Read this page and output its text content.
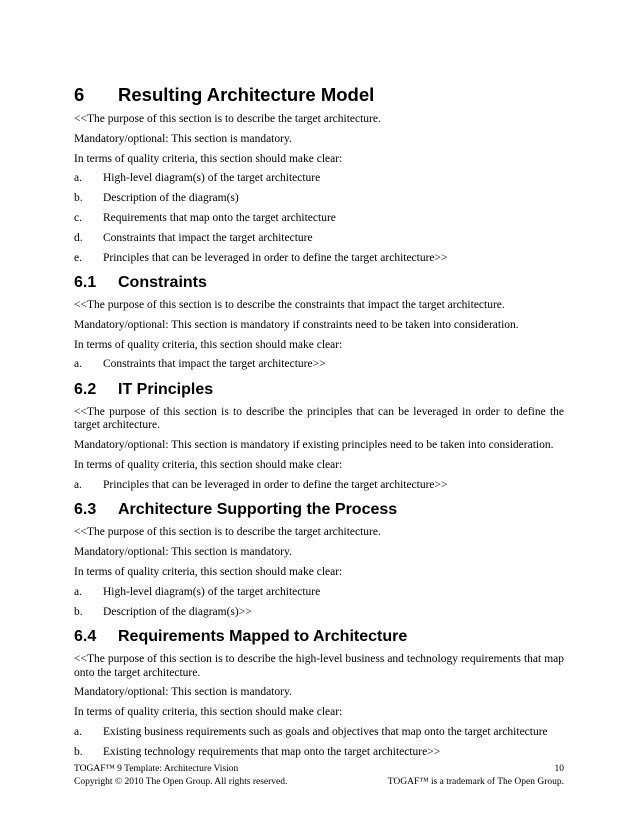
6	Resulting Architecture Model

<<The purpose of this section is to describe the target architecture.

Mandatory/optional: This section is mandatory.

In terms of quality criteria, this section should make clear:

a.	High-level diagram(s) of the target architecture
b.	Description of the diagram(s)
c.	Requirements that map onto the target architecture
d.	Constraints that impact the target architecture
e.	Principles that can be leveraged in order to define the target architecture>>
6.1	Constraints

<<The purpose of this section is to describe the constraints that impact the target architecture.

Mandatory/optional: This section is mandatory if constraints need to be taken into consideration.

In terms of quality criteria, this section should make clear:

a.	Constraints that impact the target architecture>>
6.2	IT Principles

<<The purpose of this section is to describe the principles that can be leveraged in order to define the target architecture.

Mandatory/optional: This section is mandatory if existing principles need to be taken into consideration.

In terms of quality criteria, this section should make clear:

a.	Principles that can be leveraged in order to define the target architecture>>
6.3	Architecture Supporting the Process

<<The purpose of this section is to describe the target architecture.

Mandatory/optional: This section is mandatory.

In terms of quality criteria, this section should make clear:

a.	High-level diagram(s) of the target architecture
b.	Description of the diagram(s)>>
6.4	Requirements Mapped to Architecture

<<The purpose of this section is to describe the high-level business and technology requirements that map onto the target architecture.

Mandatory/optional: This section is mandatory.

In terms of quality criteria, this section should make clear:

a.	Existing business requirements such as goals and objectives that map onto the target architecture
b.	Existing technology requirements that map onto the target architecture>>
TOGAF™ 9 Template: Architecture Vision	10
Copyright © 2010 The Open Group. All rights reserved.	TOGAF™ is a trademark of The Open Group.
